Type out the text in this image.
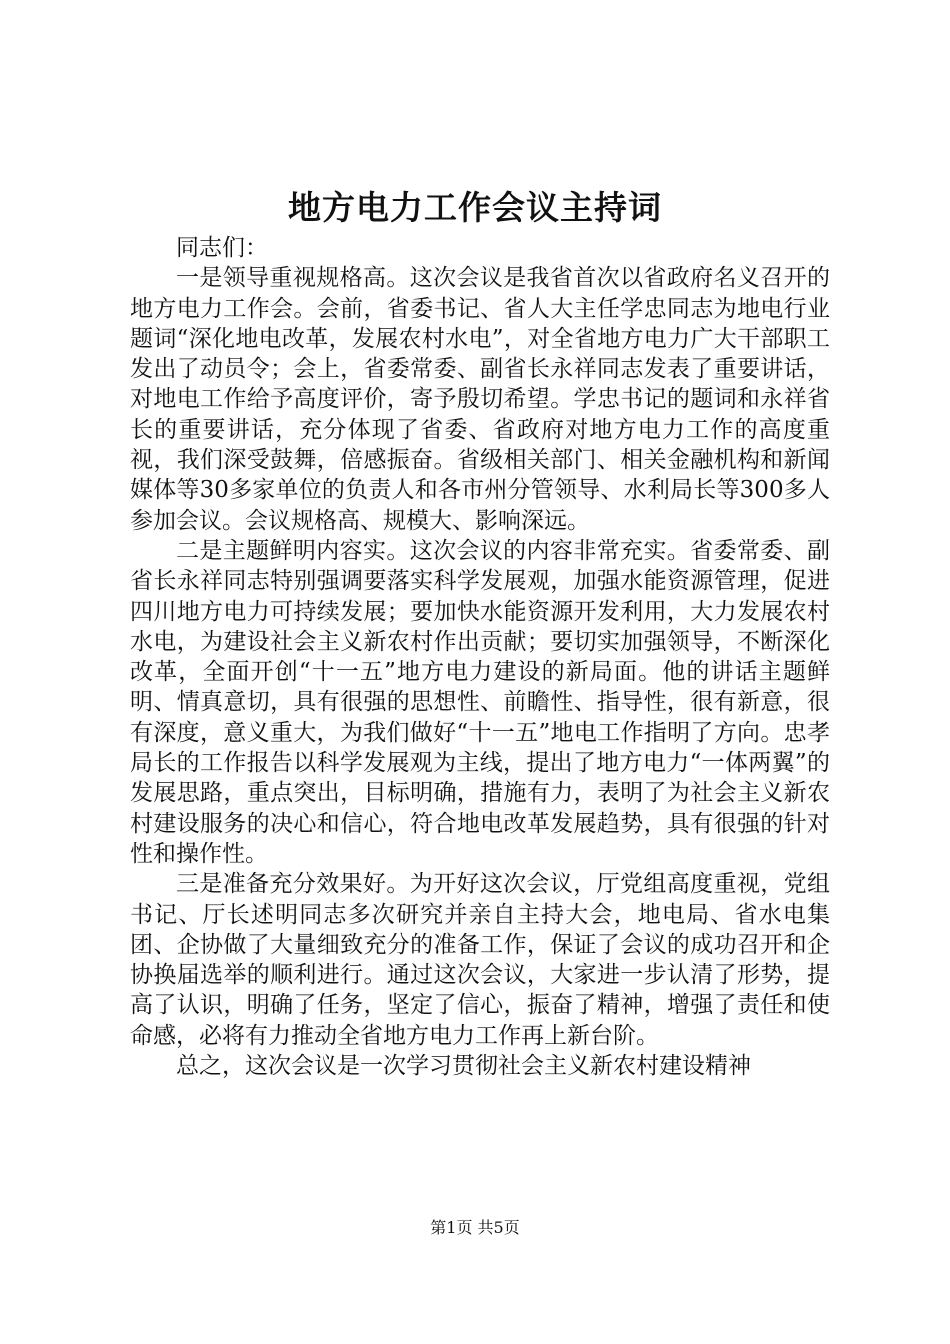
地方电力工作会议主持词

同志们：

一是领导重视规格高。这次会议是我省首次以省政府名义召开的地方电力工作会。会前，省委书记、省人大主任学忠同志为地电行业题词“深化地电改革，发展农村水电”，对全省地方电力广大干部职工发出了动员令；会上，省委常委、副省长永祥同志发表了重要讲话，对地电工作给予高度评价，寄予殷切希望。学忠书记的题词和永祥省长的重要讲话，充分体现了省委、省政府对地方电力工作的高度重视，我们深受鼓舞，倍感振奋。省级相关部门、相关金融机构和新闻媒体等30多家单位的负责人和各市州分管领导、水利局长等300多人参加会议。会议规格高、规模大、影响深远。

二是主题鲜明内容实。这次会议的内容非常充实。省委常委、副省长永祥同志特别强调要落实科学发展观，加强水能资源管理，促进四川地方电力可持续发展；要加快水能资源开发利用，大力发展农村水电，为建设社会主义新农村作出贡献；要切实加强领导，不断深化改革，全面开创“十一五”地方电力建设的新局面。他的讲话主题鲜明、情真意切，具有很强的思想性、前瞻性、指导性，很有新意，很有深度，意义重大，为我们做好“十一五”地电工作指明了方向。忠孝局长的工作报告以科学发展观为主线，提出了地方电力“一体两翼”的发展思路，重点突出，目标明确，措施有力，表明了为社会主义新农村建设服务的决心和信心，符合地电改革发展趋势，具有很强的针对性和操作性。

三是准备充分效果好。为开好这次会议，厅党组高度重视，党组书记、厅长述明同志多次研究并亲自主持大会，地电局、省水电集团、企协做了大量细致充分的准备工作，保证了会议的成功召开和企协换届选举的顺利进行。通过这次会议，大家进一步认清了形势，提高了认识，明确了任务，坚定了信心，振奋了精神，增强了责任和使命感，必将有力推动全省地方电力工作再上新台阶。

总之，这次会议是一次学习贯彻社会主义新农村建设精神

第1页 共5页
